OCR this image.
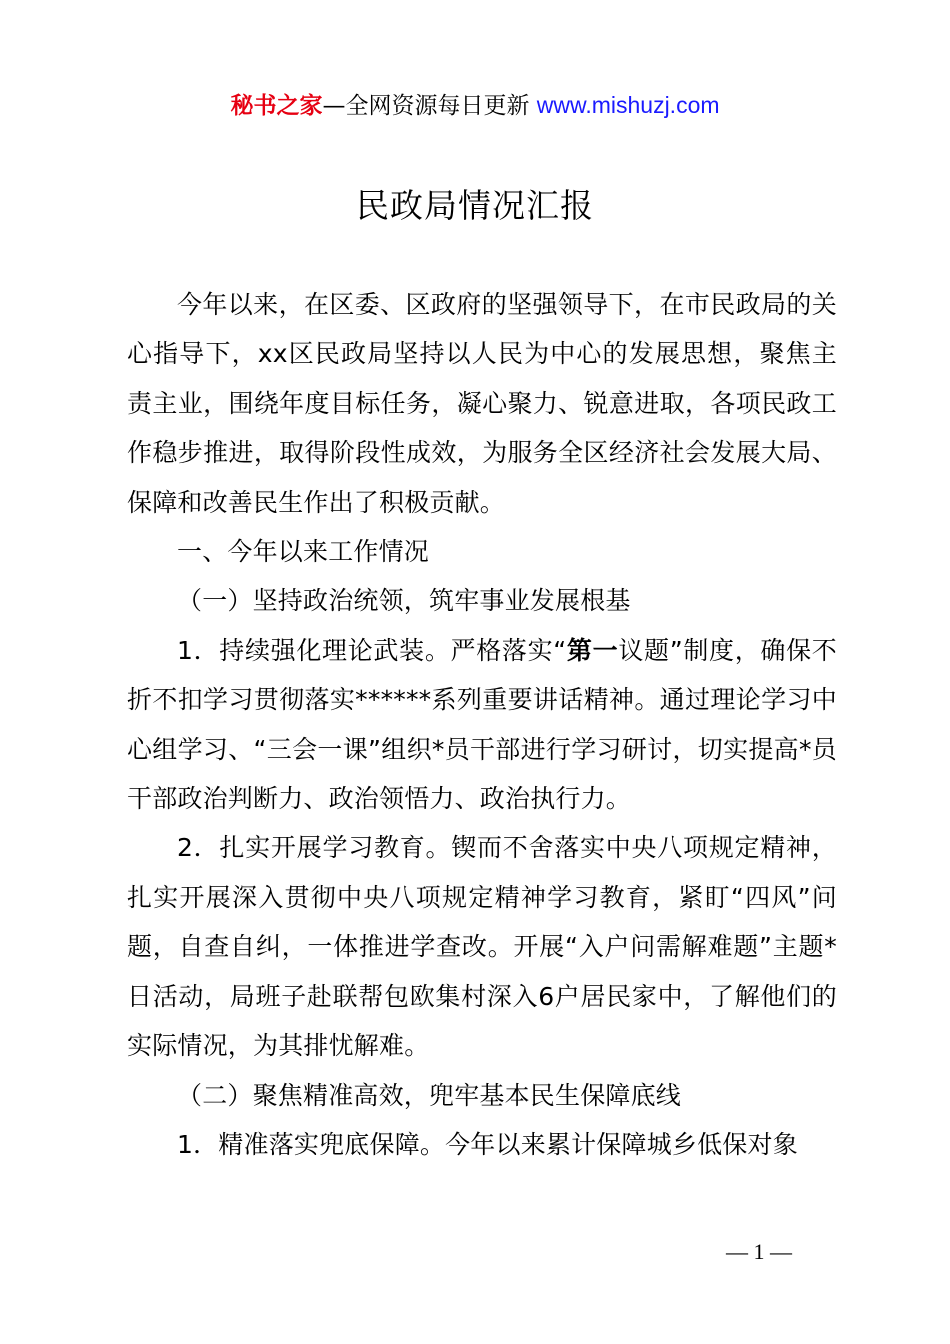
秘书之家—全网资源每日更新 www.mishuzj.com
民政局情况汇报

今年以来，在区委、区政府的坚强领导下，在市民政局的关心指导下，xx区民政局坚持以人民为中心的发展思想，聚焦主责主业，围绕年度目标任务，凝心聚力、锐意进取，各项民政工作稳步推进，取得阶段性成效，为服务全区经济社会发展大局、保障和改善民生作出了积极贡献。

一、今年以来工作情况

（一）坚持政治统领，筑牢事业发展根基

1．持续强化理论武装。严格落实“第一议题”制度，确保不折不扣学习贯彻落实******系列重要讲话精神。通过理论学习中心组学习、“三会一课”组织*员干部进行学习研讨，切实提高*员干部政治判断力、政治领悟力、政治执行力。

2．扎实开展学习教育。锲而不舍落实中央八项规定精神，扎实开展深入贯彻中央八项规定精神学习教育，紧盯“四风”问题，自查自纠，一体推进学查改。开展“入户问需解难题”主题*日活动，局班子赴联帮包欧集村深入6户居民家中，了解他们的实际情况，为其排忧解难。

（二）聚焦精准高效，兜牢基本民生保障底线

1．精准落实兜底保障。今年以来累计保障城乡低保对象

— 1 —
